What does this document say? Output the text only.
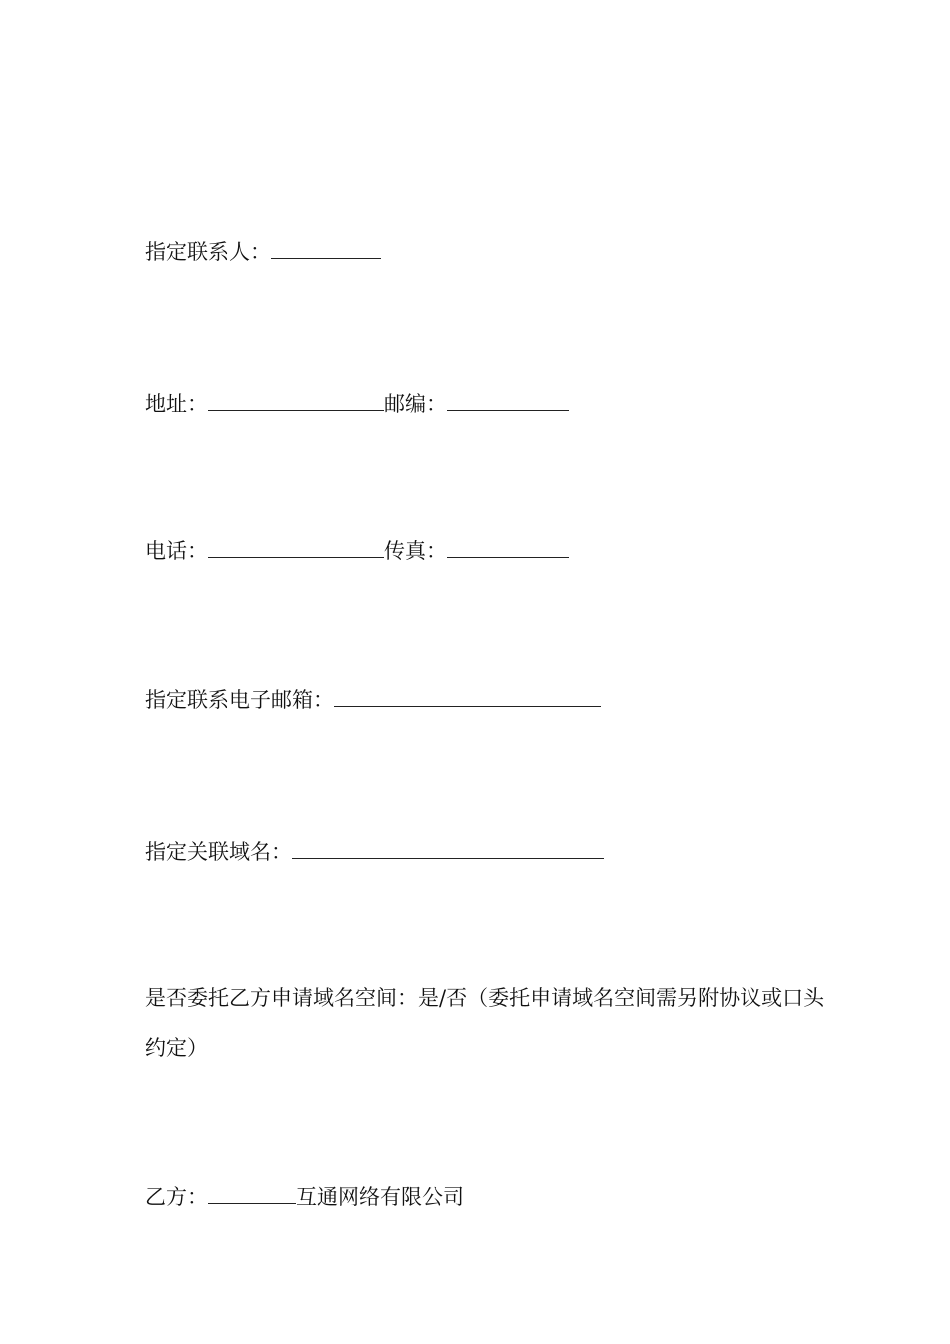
指定联系人：
地址：	邮编：
电话：	传真：
指定联系电子邮箱：
指定关联域名：
是否委托乙方申请域名空间：是/否（委托申请域名空间需另附协议或口头约定）
乙方：	互通网络有限公司
